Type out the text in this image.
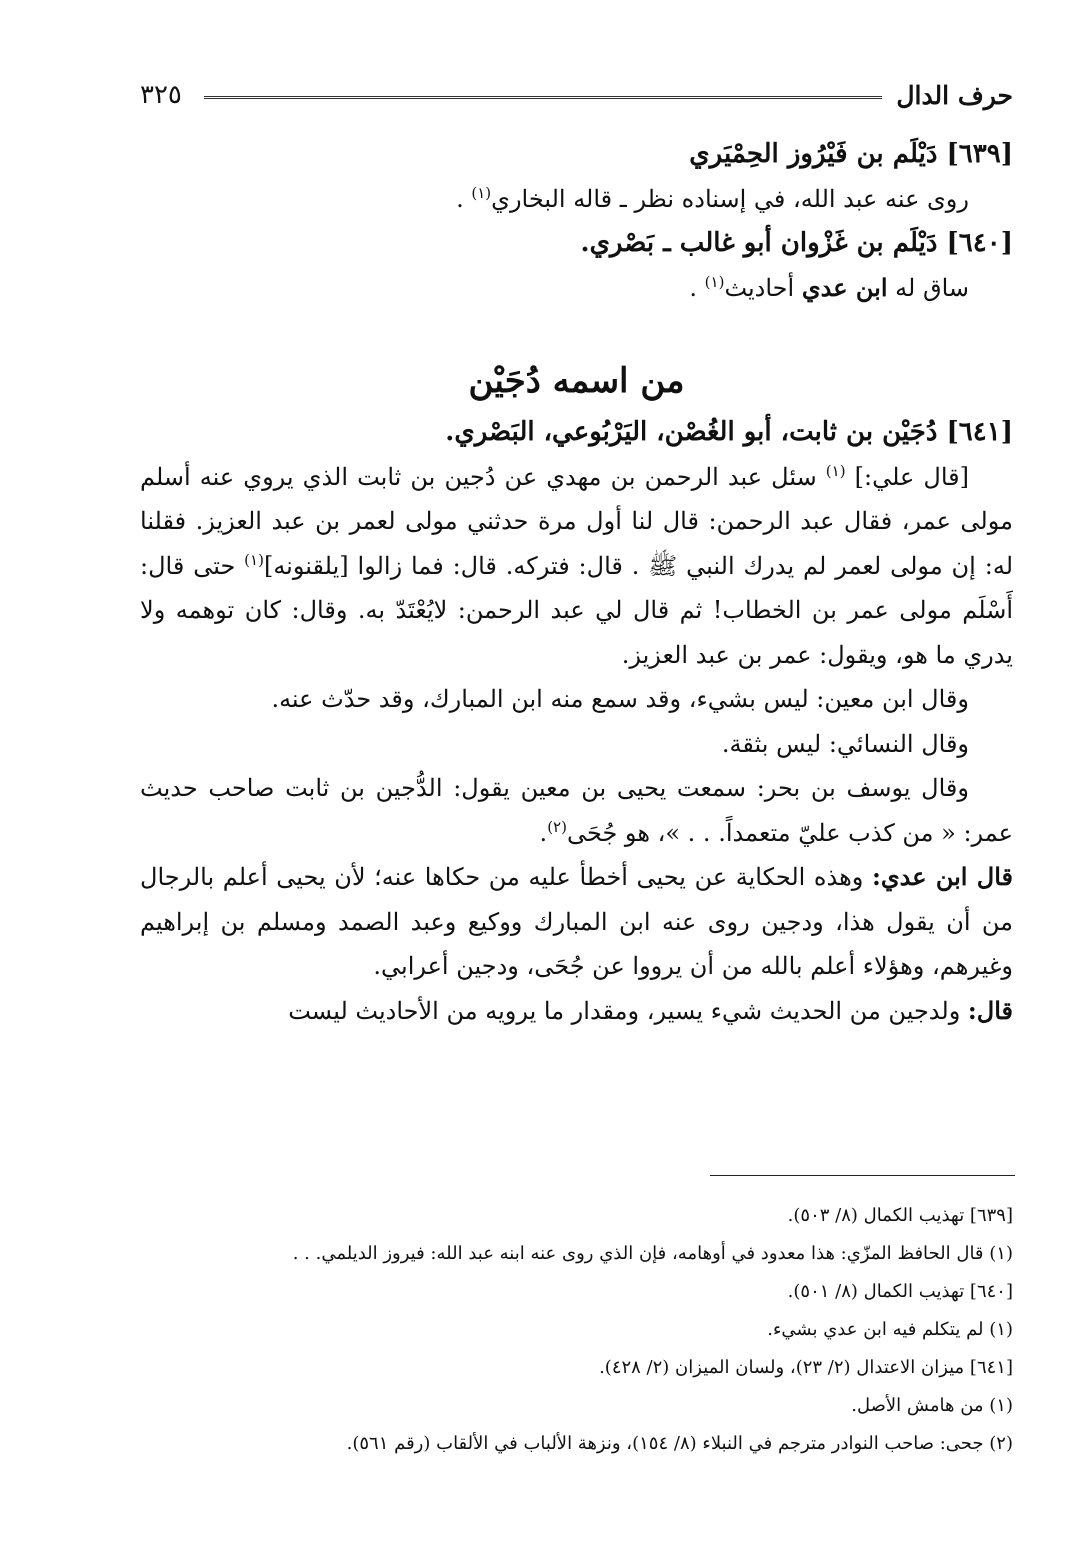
حرف الدال
٣٢٥

[٦٣٩] دَيْلَم بن فَيْرُوز الحِمْيَري

روى عنه عبد الله، في إسناده نظر ـ قاله البخاري$^{(١)}$ .

[٦٤٠] دَيْلَم بن غَزْوان أبو غالب ـ بَصْري.

ساق له ابن عدي أحاديث$^{(١)}$ .

من اسمه دُجَيْن

[٦٤١] دُجَيْن بن ثابت، أبو الغُصْن، اليَرْبُوعي، البَصْري.

[قال علي:] $^{(١)}$ سئل عبد الرحمن بن مهدي عن دُجين بن ثابت الذي يروي عنه أسلم مولى عمر، فقال عبد الرحمن: قال لنا أول مرة حدثني مولى لعمر بن عبد العزيز. فقلنا له: إن مولى لعمر لم يدرك النبي ﷺ . قال: فتركه. قال: فما زالوا [يلقنونه]$^{(١)}$ حتى قال: أَسْلَم مولى عمر بن الخطاب! ثم قال لي عبد الرحمن: لايُعْتَدّ به. وقال: كان توهمه ولا يدري ما هو، ويقول: عمر بن عبد العزيز.

وقال ابن معين: ليس بشيء، وقد سمع منه ابن المبارك، وقد حدّث عنه.

وقال النسائي: ليس بثقة.

وقال يوسف بن بحر: سمعت يحيى بن معين يقول: الدُّجين بن ثابت صاحب حديث عمر: « من كذب عليّ متعمداً. . . »، هو جُحَى$^{(٢)}$.

قال ابن عدي: وهذه الحكاية عن يحيى أخطأ عليه من حكاها عنه؛ لأن يحيى أعلم بالرجال من أن يقول هذا، ودجين روى عنه ابن المبارك ووكيع وعبد الصمد ومسلم بن إبراهيم وغيرهم، وهؤلاء أعلم بالله من أن يرووا عن جُحَى، ودجين أعرابي.

قال: ولدجين من الحديث شيء يسير، ومقدار ما يرويه من الأحاديث ليست

[٦٣٩] تهذيب الكمال (٨/ ٥٠٣).

(١) قال الحافظ المزّي: هذا معدود في أوهامه، فإن الذي روى عنه ابنه عبد الله: فيروز الديلمي. . .

[٦٤٠] تهذيب الكمال (٨/ ٥٠١).

(١) لم يتكلم فيه ابن عدي بشيء.

[٦٤١] ميزان الاعتدال (٢/ ٢٣)، ولسان الميزان (٢/ ٤٢٨).

(١) من هامش الأصل.

(٢) جحى: صاحب النوادر مترجم في النبلاء (٨/ ١٥٤)، ونزهة الألباب في الألقاب (رقم ٥٦١).
